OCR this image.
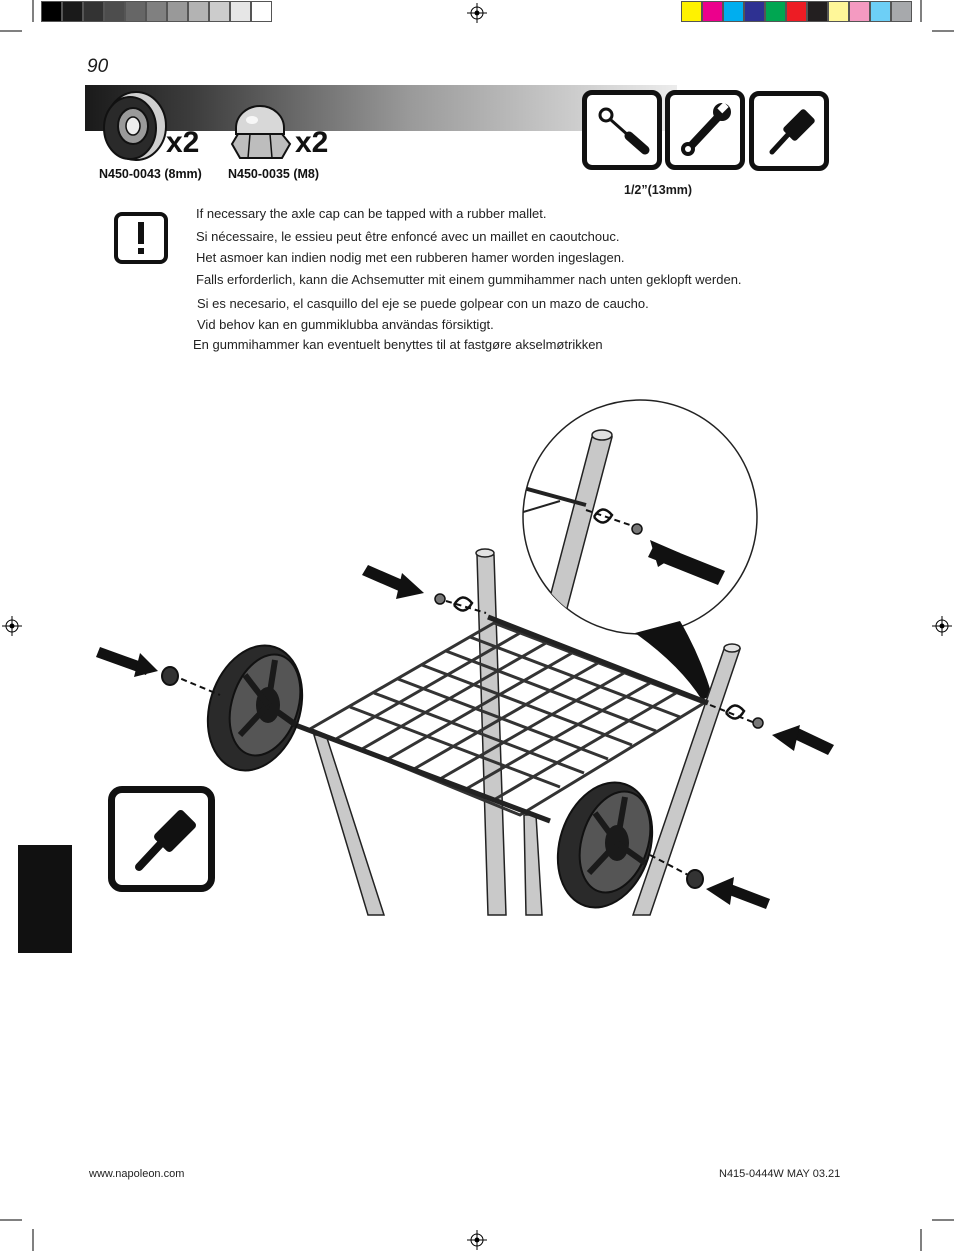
90
x2
N450-0043 (8mm)
x2
N450-0035 (M8)
1/2”(13mm)
If necessary the axle cap can be tapped with a rubber mallet.
Si nécessaire, le essieu peut être enfoncé avec un maillet en caoutchouc.
Het asmoer kan indien nodig met een rubberen hamer worden ingeslagen.
Falls erforderlich, kann die Achsemutter mit einem gummihammer nach unten geklopft werden.
Si es necesario, el casquillo del eje se puede golpear con un mazo de caucho.
Vid behov kan en gummiklubba användas försiktigt.
En gummihammer kan eventuelt benyttes til at fastgøre akselmøtrikken
www.napoleon.com	N415-0444W MAY 03.21
